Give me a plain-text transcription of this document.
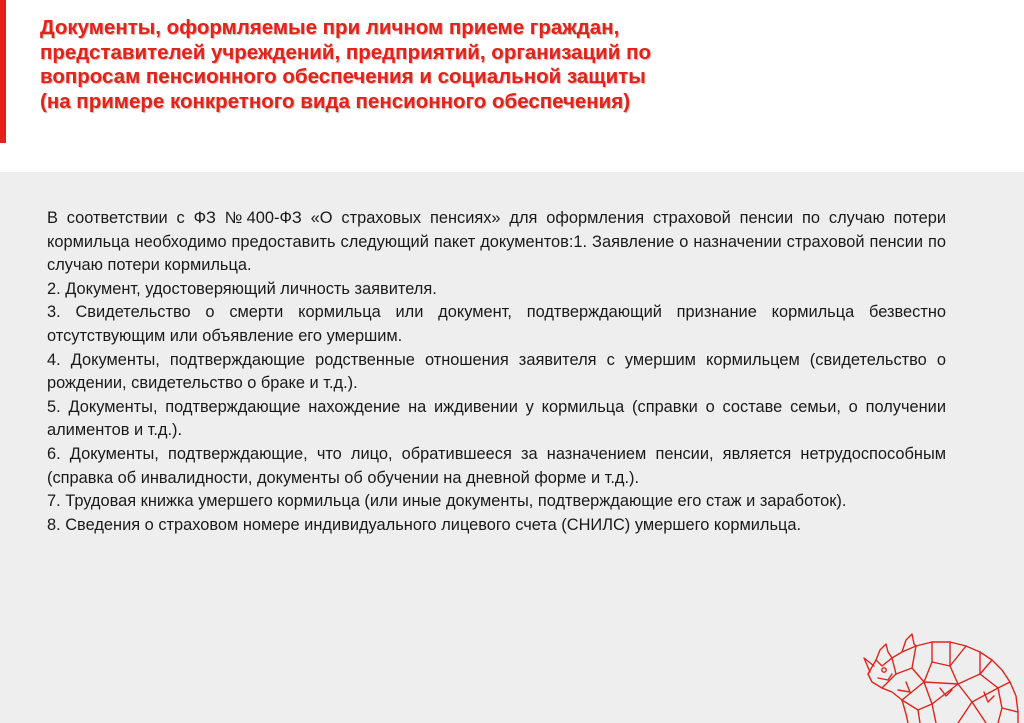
Документы, оформляемые при личном приеме граждан,
представителей учреждений, предприятий, организаций по
вопросам пенсионного обеспечения и социальной защиты
(на примере конкретного вида пенсионного обеспечения)

В соответствии с ФЗ №400-ФЗ «О страховых пенсиях» для оформления страховой пенсии по случаю потери кормильца необходимо предоставить следующий пакет документов:1. Заявление о назначении страховой пенсии по случаю потери кормильца.

2. Документ, удостоверяющий личность заявителя.

3. Свидетельство о смерти кормильца или документ, подтверждающий признание кормильца безвестно отсутствующим или объявление его умершим.

4. Документы, подтверждающие родственные отношения заявителя с умершим кормильцем (свидетельство о рождении, свидетельство о браке и т.д.).

5. Документы, подтверждающие нахождение на иждивении у кормильца (справки о составе семьи, о получении алиментов и т.д.).

6. Документы, подтверждающие, что лицо, обратившееся за назначением пенсии, является нетрудоспособным (справка об инвалидности, документы об обучении на дневной форме и т.д.).

7. Трудовая книжка умершего кормильца (или иные документы, подтверждающие его стаж и заработок).

8. Сведения о страховом номере индивидуального лицевого счета (СНИЛС) умершего кормильца.
